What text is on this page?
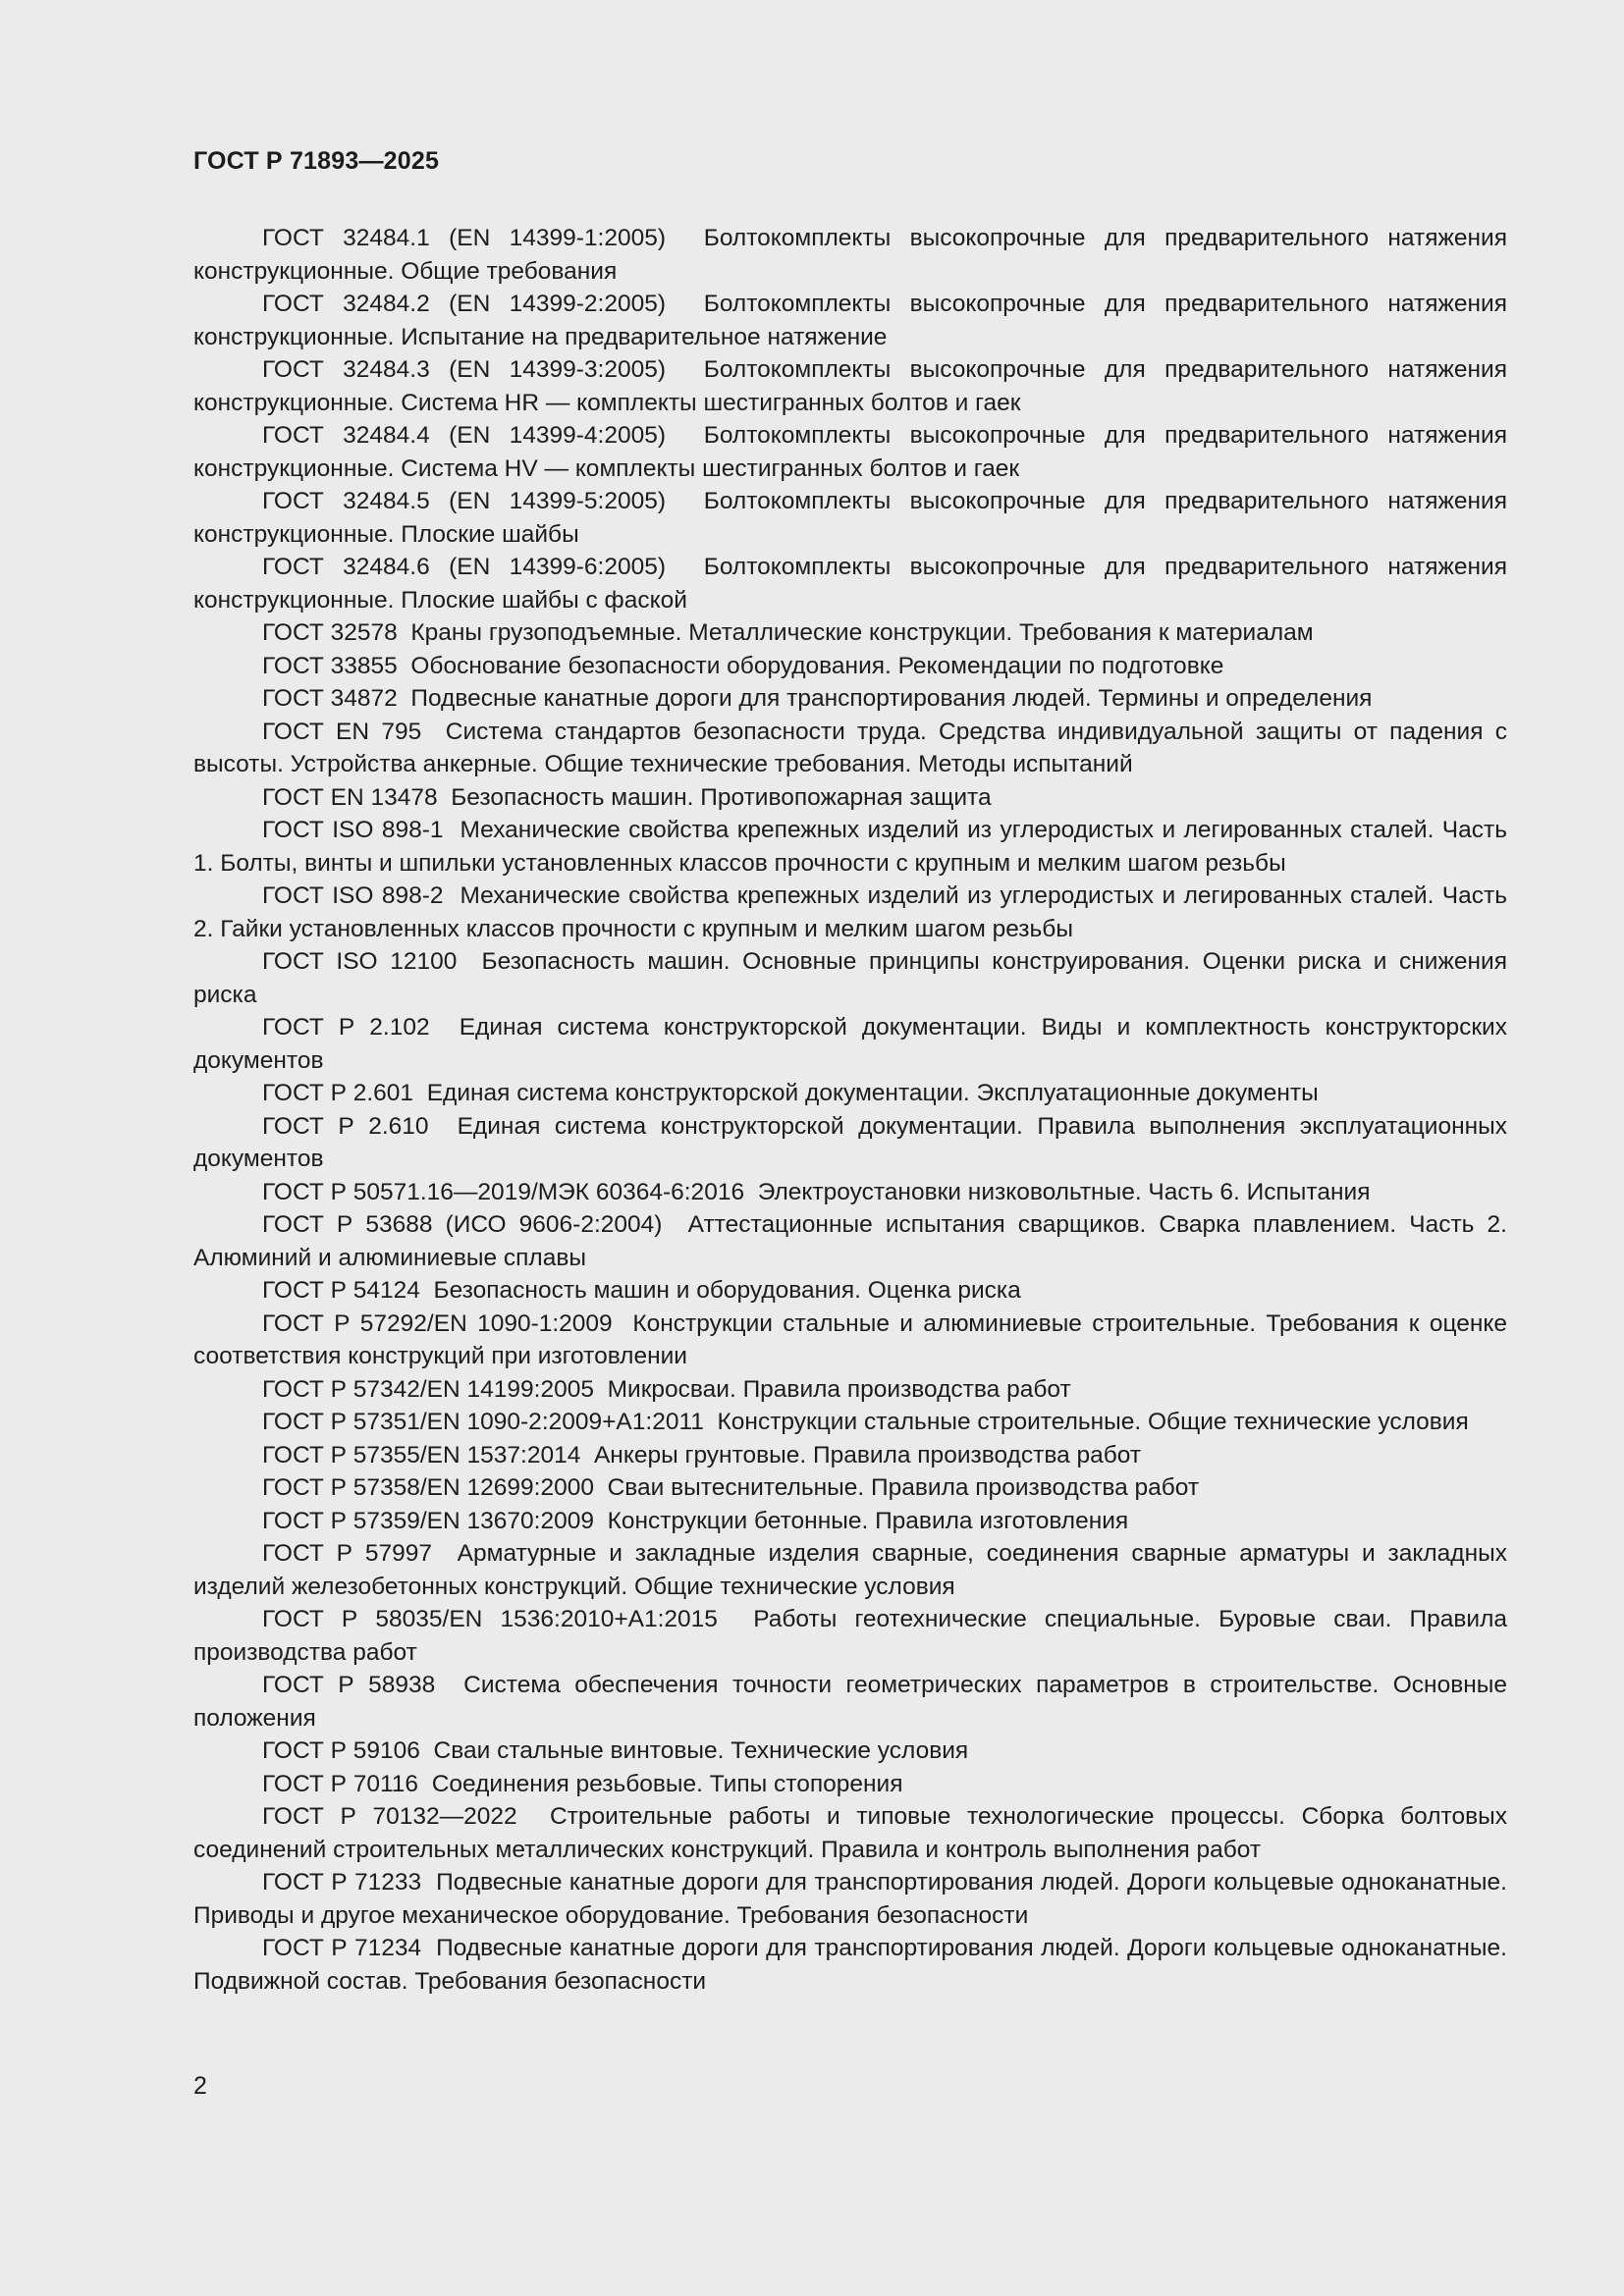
ГОСТ Р 71893—2025
ГОСТ 32484.1 (EN 14399-1:2005) Болтокомплекты высокопрочные для предварительного натяжения конструкционные. Общие требования
ГОСТ 32484.2 (EN 14399-2:2005) Болтокомплекты высокопрочные для предварительного натяжения конструкционные. Испытание на предварительное натяжение
ГОСТ 32484.3 (EN 14399-3:2005) Болтокомплекты высокопрочные для предварительного натяжения конструкционные. Система HR — комплекты шестигранных болтов и гаек
ГОСТ 32484.4 (EN 14399-4:2005) Болтокомплекты высокопрочные для предварительного натяжения конструкционные. Система HV — комплекты шестигранных болтов и гаек
ГОСТ 32484.5 (EN 14399-5:2005) Болтокомплекты высокопрочные для предварительного натяжения конструкционные. Плоские шайбы
ГОСТ 32484.6 (EN 14399-6:2005) Болтокомплекты высокопрочные для предварительного натяжения конструкционные. Плоские шайбы с фаской
ГОСТ 32578 Краны грузоподъемные. Металлические конструкции. Требования к материалам
ГОСТ 33855 Обоснование безопасности оборудования. Рекомендации по подготовке
ГОСТ 34872 Подвесные канатные дороги для транспортирования людей. Термины и определения
ГОСТ EN 795 Система стандартов безопасности труда. Средства индивидуальной защиты от падения с высоты. Устройства анкерные. Общие технические требования. Методы испытаний
ГОСТ EN 13478 Безопасность машин. Противопожарная защита
ГОСТ ISO 898-1 Механические свойства крепежных изделий из углеродистых и легированных сталей. Часть 1. Болты, винты и шпильки установленных классов прочности с крупным и мелким шагом резьбы
ГОСТ ISO 898-2 Механические свойства крепежных изделий из углеродистых и легированных сталей. Часть 2. Гайки установленных классов прочности с крупным и мелким шагом резьбы
ГОСТ ISO 12100 Безопасность машин. Основные принципы конструирования. Оценки риска и снижения риска
ГОСТ Р 2.102 Единая система конструкторской документации. Виды и комплектность конструкторских документов
ГОСТ Р 2.601 Единая система конструкторской документации. Эксплуатационные документы
ГОСТ Р 2.610 Единая система конструкторской документации. Правила выполнения эксплуатационных документов
ГОСТ Р 50571.16—2019/МЭК 60364-6:2016 Электроустановки низковольтные. Часть 6. Испытания
ГОСТ Р 53688 (ИСО 9606-2:2004) Аттестационные испытания сварщиков. Сварка плавлением. Часть 2. Алюминий и алюминиевые сплавы
ГОСТ Р 54124 Безопасность машин и оборудования. Оценка риска
ГОСТ Р 57292/EN 1090-1:2009 Конструкции стальные и алюминиевые строительные. Требования к оценке соответствия конструкций при изготовлении
ГОСТ Р 57342/EN 14199:2005 Микросваи. Правила производства работ
ГОСТ Р 57351/EN 1090-2:2009+A1:2011 Конструкции стальные строительные. Общие технические условия
ГОСТ Р 57355/EN 1537:2014 Анкеры грунтовые. Правила производства работ
ГОСТ Р 57358/EN 12699:2000 Сваи вытеснительные. Правила производства работ
ГОСТ Р 57359/EN 13670:2009 Конструкции бетонные. Правила изготовления
ГОСТ Р 57997 Арматурные и закладные изделия сварные, соединения сварные арматуры и закладных изделий железобетонных конструкций. Общие технические условия
ГОСТ Р 58035/EN 1536:2010+A1:2015 Работы геотехнические специальные. Буровые сваи. Правила производства работ
ГОСТ Р 58938 Система обеспечения точности геометрических параметров в строительстве. Основные положения
ГОСТ Р 59106 Сваи стальные винтовые. Технические условия
ГОСТ Р 70116 Соединения резьбовые. Типы стопорения
ГОСТ Р 70132—2022 Строительные работы и типовые технологические процессы. Сборка болтовых соединений строительных металлических конструкций. Правила и контроль выполнения работ
ГОСТ Р 71233 Подвесные канатные дороги для транспортирования людей. Дороги кольцевые одноканатные. Приводы и другое механическое оборудование. Требования безопасности
ГОСТ Р 71234 Подвесные канатные дороги для транспортирования людей. Дороги кольцевые одноканатные. Подвижной состав. Требования безопасности
2
